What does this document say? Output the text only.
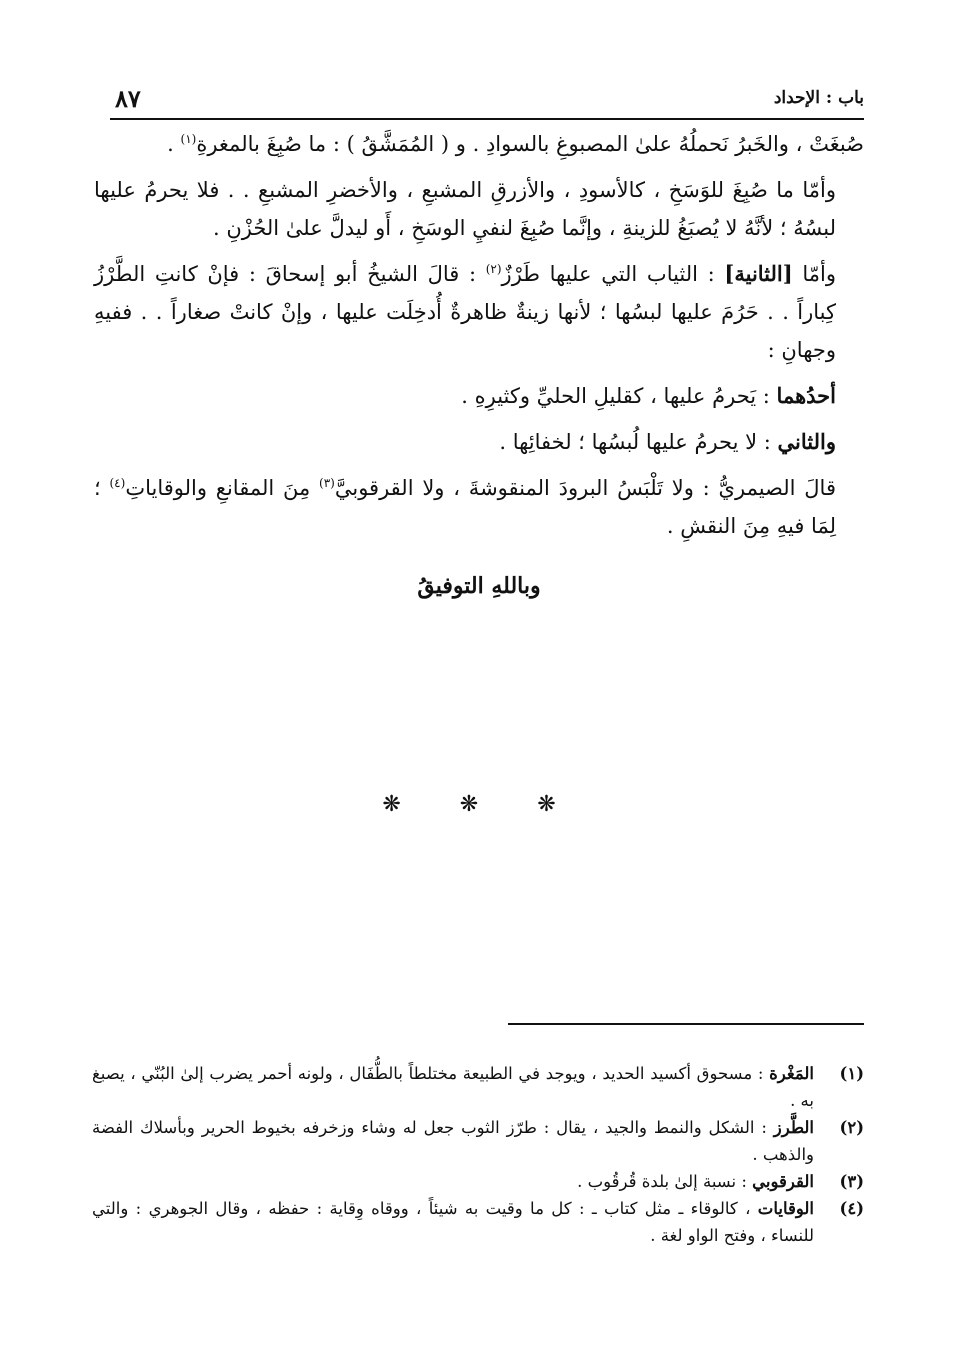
باب : الإحداد
٨٧

صُبغَتْ ، والخَبرُ نَحملُهُ علىٰ المصبوغِ بالسوادِ . و ( المُمَشَّقُ ) : ما صُبِغَ بالمغرةِ$^{(١)}$ .

وأمّا ما صُبِغَ للوَسَخِ ، كالأسودِ ، والأزرقِ المشبعِ ، والأخضرِ المشبعِ . . فلا يحرمُ عليها لبسُهُ ؛ لأنَّهُ لا يُصبَغُ للزينةِ ، وإنَّما صُبِغَ لنفيِ الوسَخِ ، أَو ليدلَّ علىٰ الحُزْنِ .

وأمّا [الثانية] : الثياب التي عليها طَرْزٌ$^{(٢)}$ : قالَ الشيخُ أبو إسحاقَ : فإنْ كانتِ الطَّرْزُ كِباراً . . حَرُمَ عليها لبسُها ؛ لأنها زينةٌ ظاهرةٌ أُدخِلَت عليها ، وإنْ كانتْ صغاراً . . ففيهِ وجهانِ :

أحدُهما : يَحرمُ عليها ، كقليلِ الحليِّ وكثيرِهِ .

والثاني : لا يحرمُ عليها لُبسُها ؛ لخفائِها .

قالَ الصيمريُّ : ولا تَلْبَسُ البرودَ المنقوشةَ ، ولا القرقوبيَّ$^{(٣)}$ مِنَ المقانعِ والوقاياتِ$^{(٤)}$ ؛ لِمَا فيهِ مِنَ النقشِ .

وباللهِ التوفيقُ

❋ ❋ ❋

(١)
المَغْرة : مسحوق أكسيد الحديد ، ويوجد في الطبيعة مختلطاً بالطُّفَال ، ولونه أحمر يضرب إلىٰ البُنّي ، يصبغ به .

(٢)
الطَّرز : الشكل والنمط والجيد ، يقال : طرّز الثوب جعل له وشاء وزخرفه بخيوط الحرير وبأسلاك الفضة والذهب .

(٣)
القرقوبي : نسبة إلىٰ بلدة قُرقُوب .

(٤)
الوقايات ، كالوقاء ـ مثل كتاب ـ : كل ما وقيت به شيئاً ، ووقاه وِقاية : حفظه ، وقال الجوهري : والتي للنساء ، وفتح الواو لغة .
